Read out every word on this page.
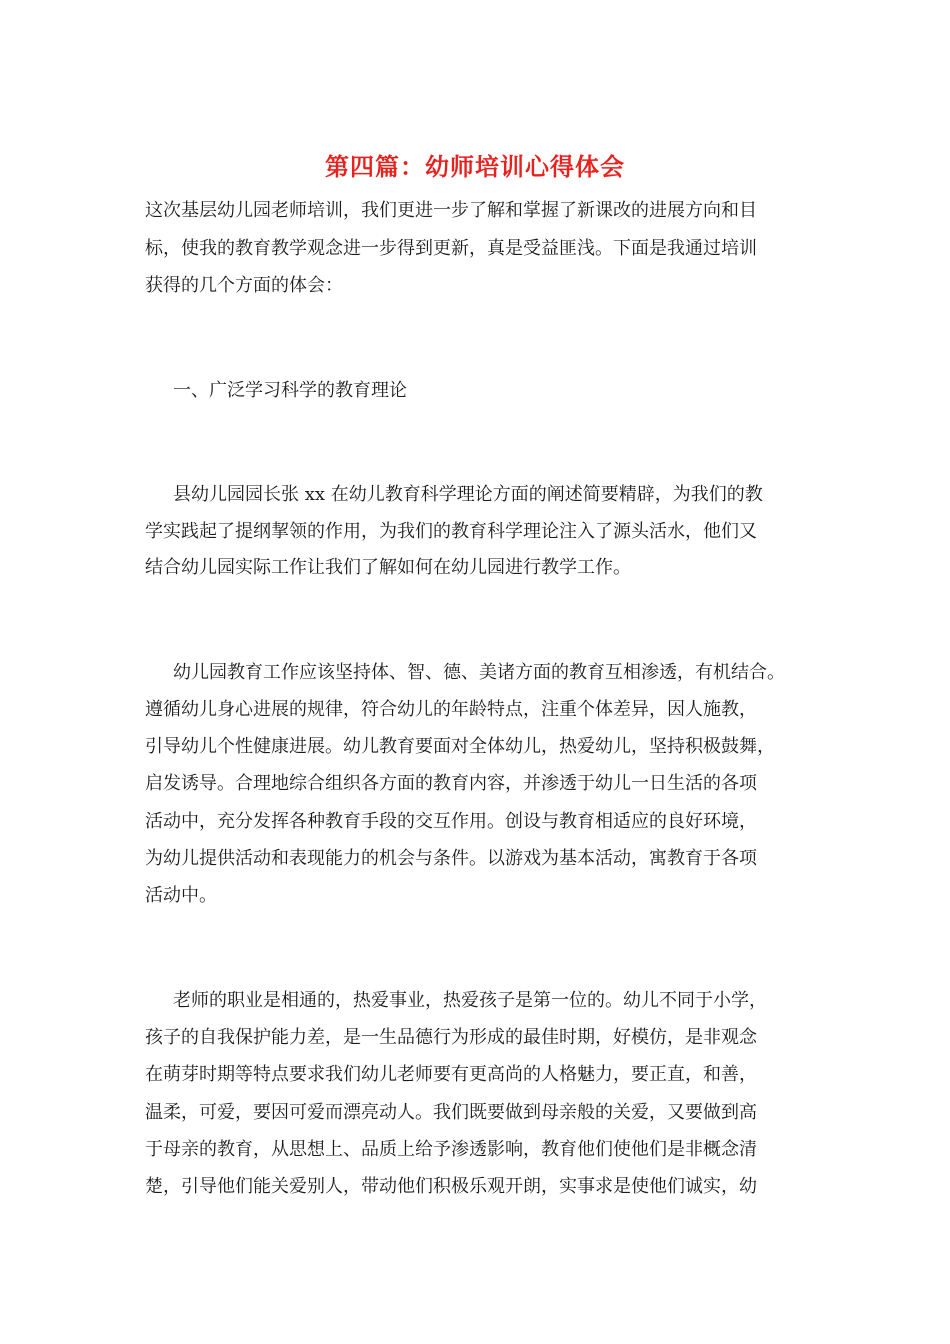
第四篇：幼师培训心得体会
这次基层幼儿园老师培训，我们更进一步了解和掌握了新课改的进展方向和目
标，使我的教育教学观念进一步得到更新，真是受益匪浅。下面是我通过培训
获得的几个方面的体会：
一、广泛学习科学的教育理论
县幼儿园园长张 xx 在幼儿教育科学理论方面的阐述简要精辟，为我们的教
学实践起了提纲挈领的作用，为我们的教育科学理论注入了源头活水，他们又
结合幼儿园实际工作让我们了解如何在幼儿园进行教学工作。
幼儿园教育工作应该坚持体、智、德、美诸方面的教育互相渗透，有机结合。
遵循幼儿身心进展的规律，符合幼儿的年龄特点，注重个体差异，因人施教，
引导幼儿个性健康进展。幼儿教育要面对全体幼儿，热爱幼儿，坚持积极鼓舞，
启发诱导。合理地综合组织各方面的教育内容，并渗透于幼儿一日生活的各项
活动中，充分发挥各种教育手段的交互作用。创设与教育相适应的良好环境，
为幼儿提供活动和表现能力的机会与条件。以游戏为基本活动，寓教育于各项
活动中。
老师的职业是相通的，热爱事业，热爱孩子是第一位的。幼儿不同于小学，
孩子的自我保护能力差，是一生品德行为形成的最佳时期，好模仿，是非观念
在萌芽时期等特点要求我们幼儿老师要有更高尚的人格魅力，要正直，和善，
温柔，可爱，要因可爱而漂亮动人。我们既要做到母亲般的关爱，又要做到高
于母亲的教育，从思想上、品质上给予渗透影响，教育他们使他们是非概念清
楚，引导他们能关爱别人，带动他们积极乐观开朗，实事求是使他们诚实，幼
